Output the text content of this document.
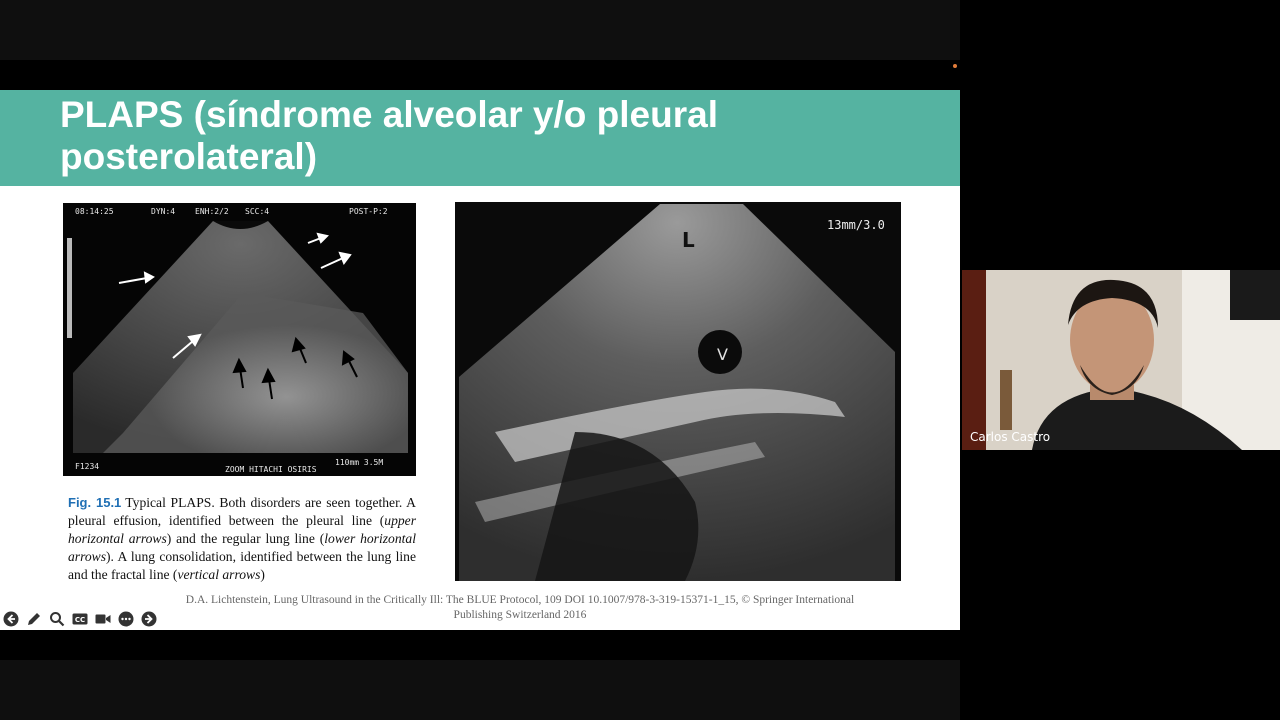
PLAPS (síndrome alveolar y/o pleural posterolateral)
08:14:25	DYN:4 ENH:2/2 SCC:4	POST-P:2
F1234	ZOOM HITACHI OSIRIS
110mm 3.5M
L
V
13mm/3.0

Fig. 15.1 Typical PLAPS. Both disorders are seen together. A pleural effusion, identified between the pleural line (upper horizontal arrows) and the regular lung line (lower horizontal arrows). A lung consolidation, identified between the lung line and the fractal line (vertical arrows)

D.A. Lichtenstein, Lung Ultrasound in the Critically Ill: The BLUE Protocol, 109 DOI 10.1007/978-3-319-15371-1_15, © Springer International
Publishing Switzerland 2016

CC
Carlos Castro
